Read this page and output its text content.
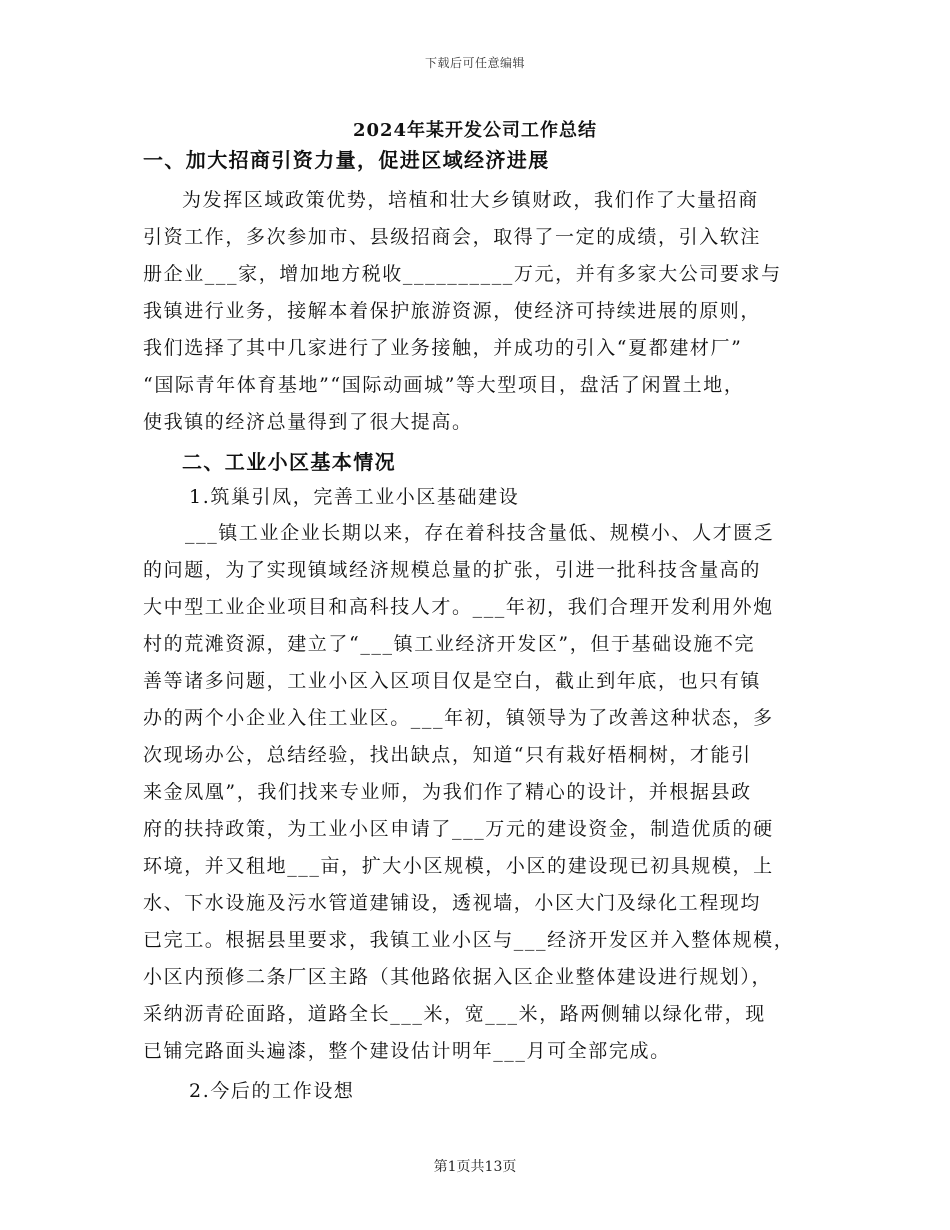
下载后可任意编辑
2024年某开发公司工作总结
一、加大招商引资力量，促进区域经济进展
为发挥区域政策优势，培植和壮大乡镇财政，我们作了大量招商
引资工作，多次参加市、县级招商会，取得了一定的成绩，引入软注
册企业___家，增加地方税收__________万元，并有多家大公司要求与
我镇进行业务，接解本着保护旅游资源，使经济可持续进展的原则，
我们选择了其中几家进行了业务接触，并成功的引入“夏都建材厂”
“国际青年体育基地”“国际动画城”等大型项目，盘活了闲置土地，
使我镇的经济总量得到了很大提高。
二、工业小区基本情况
1.筑巢引凤，完善工业小区基础建设
___镇工业企业长期以来，存在着科技含量低、规模小、人才匮乏
的问题，为了实现镇域经济规模总量的扩张，引进一批科技含量高的
大中型工业企业项目和高科技人才。___年初，我们合理开发利用外炮
村的荒滩资源，建立了“___镇工业经济开发区”，但于基础设施不完
善等诸多问题，工业小区入区项目仅是空白，截止到年底，也只有镇
办的两个小企业入住工业区。___年初，镇领导为了改善这种状态，多
次现场办公，总结经验，找出缺点，知道“只有栽好梧桐树，才能引
来金凤凰”，我们找来专业师，为我们作了精心的设计，并根据县政
府的扶持政策，为工业小区申请了___万元的建设资金，制造优质的硬
环境，并又租地___亩，扩大小区规模，小区的建设现已初具规模，上
水、下水设施及污水管道建铺设，透视墙，小区大门及绿化工程现均
已完工。根据县里要求，我镇工业小区与___经济开发区并入整体规模，
小区内预修二条厂区主路（其他路依据入区企业整体建设进行规划），
采纳沥青砼面路，道路全长___米，宽___米，路两侧辅以绿化带，现
已铺完路面头遍漆，整个建设估计明年___月可全部完成。
2.今后的工作设想
第1页共13页
